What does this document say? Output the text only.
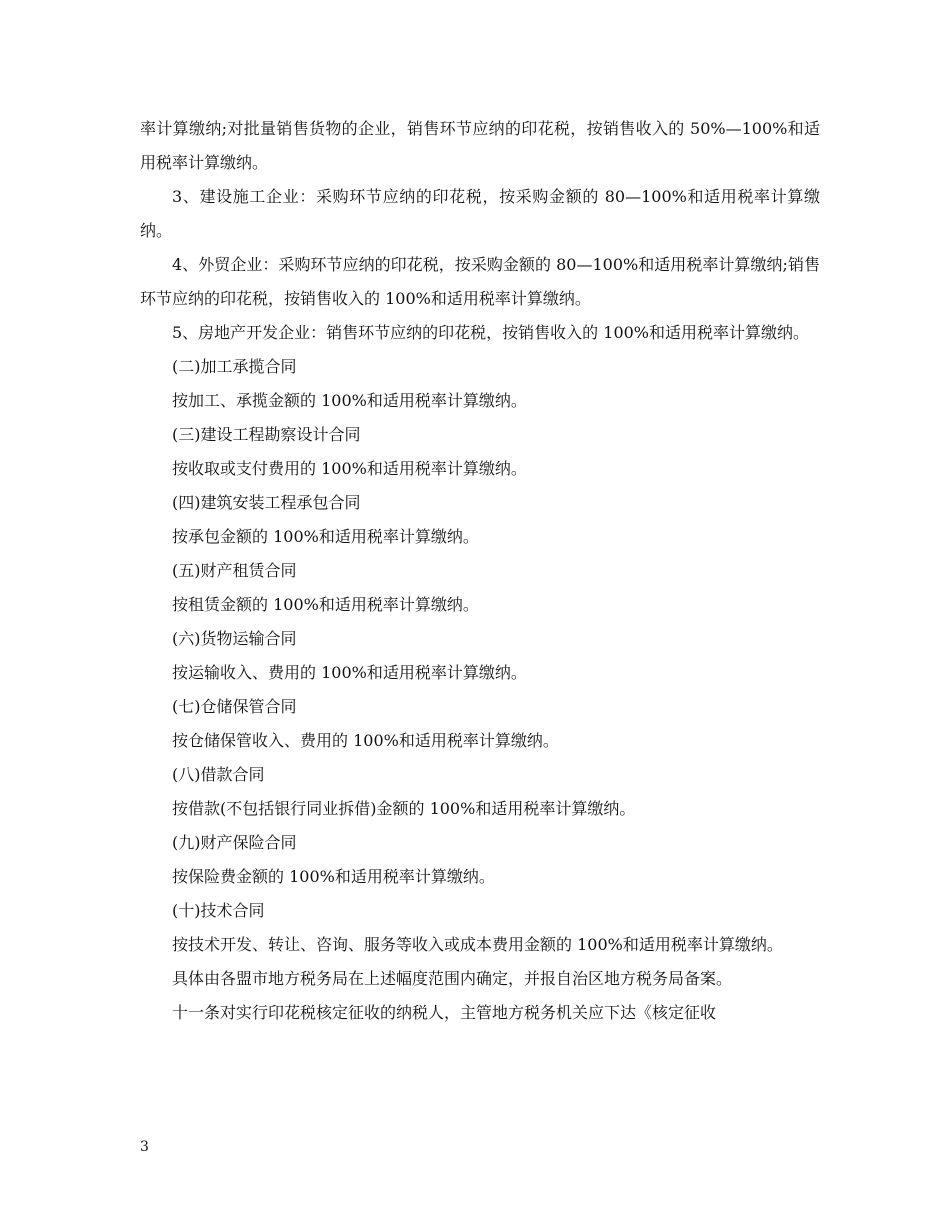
率计算缴纳;对批量销售货物的企业，销售环节应纳的印花税，按销售收入的 50%—100%和适用税率计算缴纳。

3、建设施工企业：采购环节应纳的印花税，按采购金额的 80—100%和适用税率计算缴纳。

4、外贸企业：采购环节应纳的印花税，按采购金额的 80—100%和适用税率计算缴纳;销售环节应纳的印花税，按销售收入的 100%和适用税率计算缴纳。

5、房地产开发企业：销售环节应纳的印花税，按销售收入的 100%和适用税率计算缴纳。

(二)加工承揽合同

按加工、承揽金额的 100%和适用税率计算缴纳。

(三)建设工程勘察设计合同

按收取或支付费用的 100%和适用税率计算缴纳。

(四)建筑安装工程承包合同

按承包金额的 100%和适用税率计算缴纳。

(五)财产租赁合同

按租赁金额的 100%和适用税率计算缴纳。

(六)货物运输合同

按运输收入、费用的 100%和适用税率计算缴纳。

(七)仓储保管合同

按仓储保管收入、费用的 100%和适用税率计算缴纳。

(八)借款合同

按借款(不包括银行同业拆借)金额的 100%和适用税率计算缴纳。

(九)财产保险合同

按保险费金额的 100%和适用税率计算缴纳。

(十)技术合同

按技术开发、转让、咨询、服务等收入或成本费用金额的 100%和适用税率计算缴纳。

具体由各盟市地方税务局在上述幅度范围内确定，并报自治区地方税务局备案。

十一条对实行印花税核定征收的纳税人，主管地方税务机关应下达《核定征收

3
